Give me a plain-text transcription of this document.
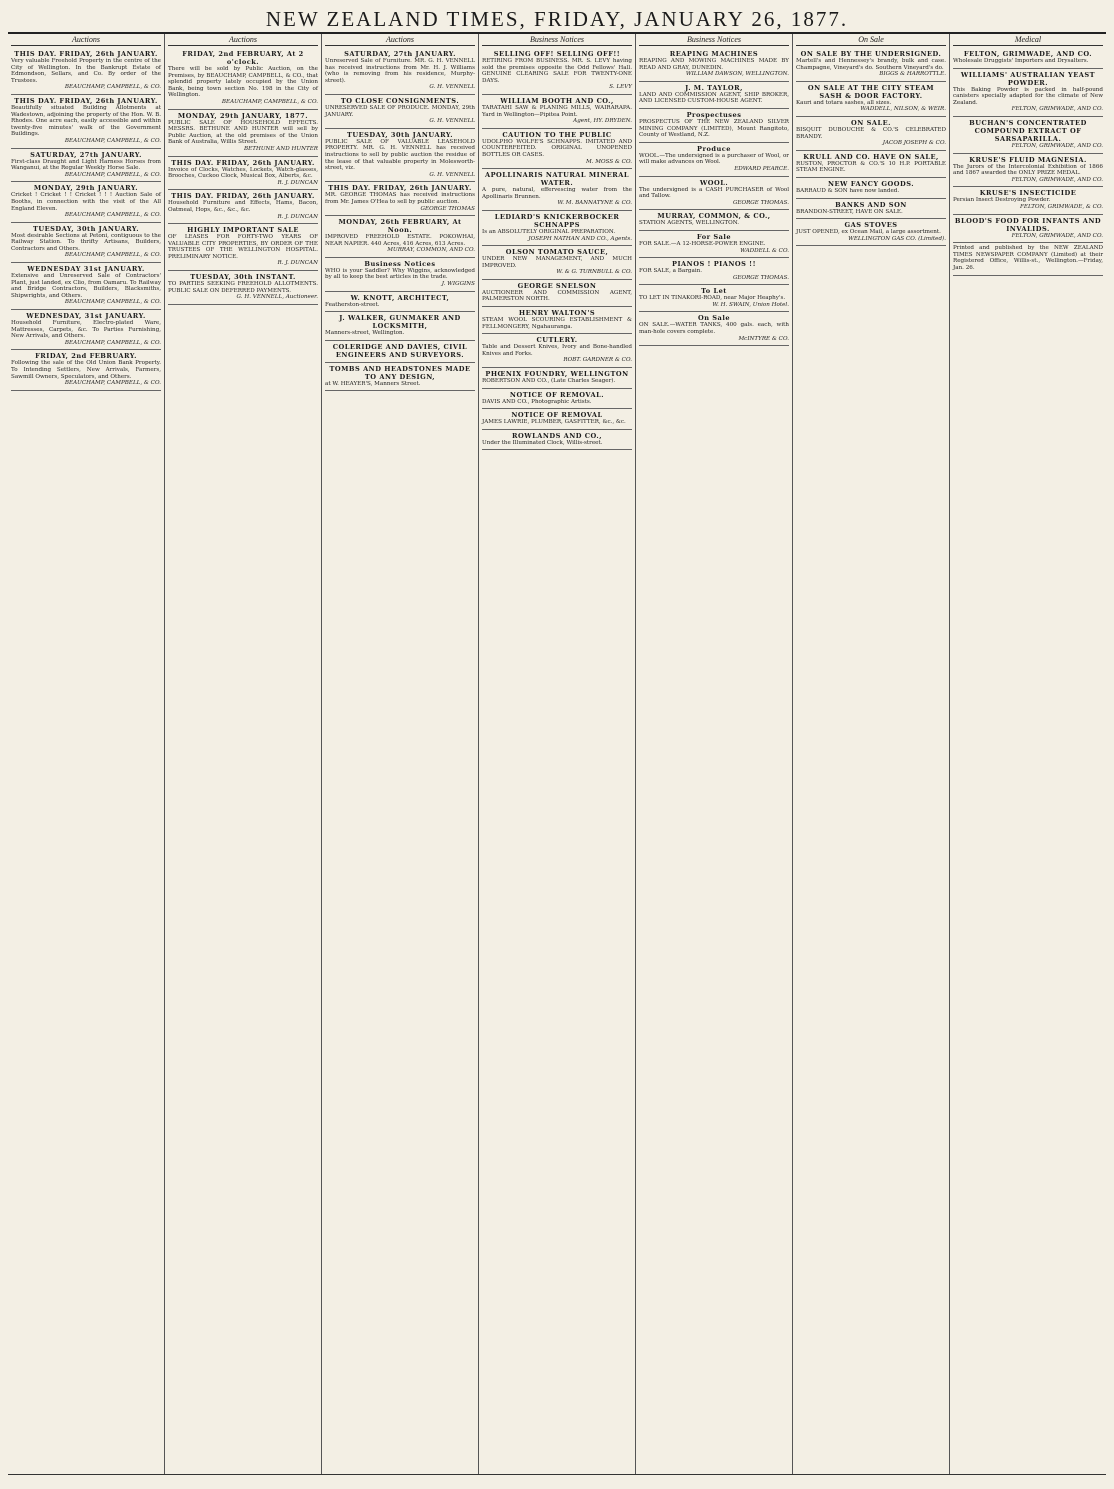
NEW ZEALAND TIMES, FRIDAY, JANUARY 26, 1877.
Auctions
THIS DAY. FRIDAY, 26th JANUARY.
Very valuable Freehold Property in the centre of the City of Wellington. In the Bankrupt Estate of Edmondson, Sellars, and Co. By order of the Trustees.
BEAUCHAMP, CAMPBELL, & CO.
THIS DAY. FRIDAY, 26th JANUARY.
Beautifully situated Building Allotments at Wadestown, adjoining the property of the Hon. W. B. Rhodes. One acre each, easily accessible and within twenty-five minutes' walk of the Government Buildings.
BEAUCHAMP, CAMPBELL, & CO.
SATURDAY, 27th JANUARY.
First-class Draught and Light Harness Horses from Wanganui, at the Regular Weekly Horse Sale.
BEAUCHAMP, CAMPBELL, & CO.
MONDAY, 29th JANUARY.
Cricket ! Cricket ! ! Cricket ! ! ! Auction Sale of Booths, in connection with the visit of the All England Eleven.
BEAUCHAMP, CAMPBELL, & CO.
TUESDAY, 30th JANUARY.
Most desirable Sections at Petoni, contiguous to the Railway Station. To thrifty Artisans, Builders, Contractors and Others.
BEAUCHAMP, CAMPBELL, & CO.
WEDNESDAY 31st JANUARY.
Extensive and Unreserved Sale of Contractors' Plant, just landed, ex Clio, from Oamaru. To Railway and Bridge Contractors, Builders, Blacksmiths, Shipwrights, and Others.
BEAUCHAMP, CAMPBELL, & CO.
WEDNESDAY, 31st JANUARY.
Household Furniture, Electro-plated Ware, Mattresses, Carpets, &c. To Parties Furnishing, New Arrivals, and Others.
BEAUCHAMP, CAMPBELL, & CO.
FRIDAY, 2nd FEBRUARY.
Following the sale of the Old Union Bank Property. To Intending Settlers, New Arrivals, Farmers, Sawmill Owners, Speculators, and Others.
BEAUCHAMP, CAMPBELL, & CO.
Auctions
FRIDAY, 2nd FEBRUARY, At 2 o'clock.
There will be sold by Public Auction, on the Premises, by BEAUCHAMP, CAMPBELL, & CO., that splendid property lately occupied by the Union Bank, being town section No. 198 in the City of Wellington.
BEAUCHAMP, CAMPBELL, & CO.
MONDAY, 29th JANUARY, 1877.
PUBLIC SALE OF HOUSEHOLD EFFECTS. MESSRS. BETHUNE AND HUNTER will sell by Public Auction, at the old premises of the Union Bank of Australia, Willis Street.
BETHUNE AND HUNTER
THIS DAY. FRIDAY, 26th JANUARY.
Invoice of Clocks, Watches, Lockets, Watch-glasses, Brooches, Cuckoo Clock, Musical Box, Alberts, &c.
R. J. DUNCAN
THIS DAY. FRIDAY, 26th JANUARY.
Household Furniture and Effects, Hams, Bacon, Oatmeal, Hops, &c., &c., &c.
R. J. DUNCAN
HIGHLY IMPORTANT SALE
OF LEASES FOR FORTY-TWO YEARS OF VALUABLE CITY PROPERTIES, BY ORDER OF THE TRUSTEES OF THE WELLINGTON HOSPITAL. PRELIMINARY NOTICE.
R. J. DUNCAN
TUESDAY, 30th INSTANT.
TO PARTIES SEEKING FREEHOLD ALLOTMENTS. PUBLIC SALE ON DEFERRED PAYMENTS.
G. H. VENNELL, Auctioneer.
Auctions
SATURDAY, 27th JANUARY.
Unreserved Sale of Furniture. MR. G. H. VENNELL has received instructions from Mr. H. J. Williams (who is removing from his residence, Murphy-street).
G. H. VENNELL
TO CLOSE CONSIGNMENTS.
UNRESERVED SALE OF PRODUCE. MONDAY, 29th JANUARY.
G. H. VENNELL
TUESDAY, 30th JANUARY.
PUBLIC SALE OF VALUABLE LEASEHOLD PROPERTY. MR. G. H. VENNELL has received instructions to sell by public auction the residue of the lease of that valuable property in Molesworth-street, viz.
G. H. VENNELL
THIS DAY. FRIDAY, 26th JANUARY.
MR. GEORGE THOMAS has received instructions from Mr. James O'Hea to sell by public auction.
GEORGE THOMAS
MONDAY, 26th FEBRUARY, At Noon.
IMPROVED FREEHOLD ESTATE. POKOWHAI, NEAR NAPIER. 440 Acres, 416 Acres, 613 Acres.
MURRAY, COMMON, AND CO.
Business Notices
WHO is your Saddler? Why Wiggins, acknowledged by all to keep the best articles in the trade.
J. WIGGINS
W. KNOTT, ARCHITECT,
Featherston-street.
J. WALKER, GUNMAKER AND LOCKSMITH,
Manners-street, Wellington.
COLERIDGE AND DAVIES, CIVIL ENGINEERS AND SURVEYORS.
TOMBS AND HEADSTONES MADE TO ANY DESIGN,
at W. HEAYER'S, Manners Street.
Business Notices
SELLING OFF! SELLING OFF!!
RETIRING FROM BUSINESS. MR. S. LEVY having sold the premises opposite the Odd Fellows' Hall. GENUINE CLEARING SALE FOR TWENTY-ONE DAYS.
S. LEVY
WILLIAM BOOTH AND CO.,
TARATAHI SAW & PLANING MILLS, WAIRARAPA. Yard in Wellington—Pipitea Point.
Agent, HY. DRYDEN.
CAUTION TO THE PUBLIC
UDOLPHO WOLFE'S SCHNAPPS. IMITATED AND COUNTERFEITED. ORIGINAL UNOPENED BOTTLES OR CASES.
M. MOSS & CO.
APOLLINARIS NATURAL MINERAL WATER.
A pure, natural, effervescing water from the Apollinaris Brunnen.
W. M. BANNATYNE & CO.
LEDIARD'S KNICKERBOCKER SCHNAPPS
Is an ABSOLUTELY ORIGINAL PREPARATION.
JOSEPH NATHAN AND CO., Agents.
OLSON TOMATO SAUCE,
UNDER NEW MANAGEMENT, AND MUCH IMPROVED.
W. & G. TURNBULL & CO.
GEORGE SNELSON
AUCTIONEER AND COMMISSION AGENT, PALMERSTON NORTH.
HENRY WALTON'S
STEAM WOOL SCOURING ESTABLISHMENT & FELLMONGERY, Ngahauranga.
CUTLERY.
Table and Dessert Knives, Ivory and Bone-handled Knives and Forks.
ROBT. GARDNER & CO.
PHŒNIX FOUNDRY, WELLINGTON
ROBERTSON AND CO., (Late Charles Seager).
NOTICE OF REMOVAL.
DAVIS AND CO., Photographic Artists.
NOTICE OF REMOVAL
JAMES LAWRIE, PLUMBER, GASFITTER, &c., &c.
ROWLANDS AND CO.,
Under the Illuminated Clock, Willis-street.
Business Notices
REAPING MACHINES
REAPING AND MOWING MACHINES MADE BY READ AND GRAY, DUNEDIN.
WILLIAM DAWSON, WELLINGTON.
J. M. TAYLOR,
LAND AND COMMISSION AGENT, SHIP BROKER, AND LICENSED CUSTOM-HOUSE AGENT.
Prospectuses
PROSPECTUS OF THE NEW ZEALAND SILVER MINING COMPANY (LIMITED), Mount Rangitoto, County of Westland, N.Z.
Produce
WOOL.—The undersigned is a purchaser of Wool, or will make advances on Wool.
EDWARD PEARCE.
WOOL.
The undersigned is a CASH PURCHASER of Wool and Tallow.
GEORGE THOMAS.
MURRAY, COMMON, & CO.,
STATION AGENTS, WELLINGTON.
For Sale
FOR SALE.—A 12-HORSE-POWER ENGINE.
WADDELL & CO.
PIANOS ! PIANOS !!
FOR SALE, a Bargain.
GEORGE THOMAS.
To Let
TO LET IN TINAKORI-ROAD, near Major Heaphy's.
W. H. SWAIN, Union Hotel.
On Sale
ON SALE.—WATER TANKS, 400 gals. each, with man-hole covers complete.
McINTYRE & CO.
On Sale
ON SALE BY THE UNDERSIGNED.
Martell's and Hennessey's brandy, bulk and case. Champagne, Vineyard's do. Southern Vineyard's do.
BIGGS & HARROTTLE.
ON SALE AT THE CITY STEAM SASH & DOOR FACTORY.
Kauri and totara sashes, all sizes.
WADDELL, NILSON, & WEIR.
ON SALE.
BISQUIT DUBOUCHE & CO.'S CELEBRATED BRANDY.
JACOB JOSEPH & CO.
KRULL AND CO. HAVE ON SALE,
RUSTON, PROCTOR & CO.'S 10 H.P. PORTABLE STEAM ENGINE.
NEW FANCY GOODS.
BARRAUD & SON have now landed.
BANKS AND SON
BRANDON-STREET, HAVE ON SALE.
GAS STOVES
JUST OPENED, ex Ocean Mail, a large assortment.
WELLINGTON GAS CO. (Limited).
Medical
FELTON, GRIMWADE, AND CO.
Wholesale Druggists' Importers and Drysalters.
WILLIAMS' AUSTRALIAN YEAST POWDER.
This Baking Powder is packed in half-pound canisters specially adapted for the climate of New Zealand.
FELTON, GRIMWADE, AND CO.
BUCHAN'S CONCENTRATED COMPOUND EXTRACT OF SARSAPARILLA.
FELTON, GRIMWADE, AND CO.
KRUSE'S FLUID MAGNESIA.
The Jurors of the Intercolonial Exhibition of 1866 and 1867 awarded the ONLY PRIZE MEDAL.
FELTON, GRIMWADE, AND CO.
KRUSE'S INSECTICIDE
Persian Insect Destroying Powder.
FELTON, GRIMWADE, & CO.
BLOOD'S FOOD FOR INFANTS AND INVALIDS.
FELTON, GRIMWADE, AND CO.
Printed and published by the NEW ZEALAND TIMES NEWSPAPER COMPANY (Limited) at their Registered Office, Willis-st., Wellington.—Friday, Jan. 26.
